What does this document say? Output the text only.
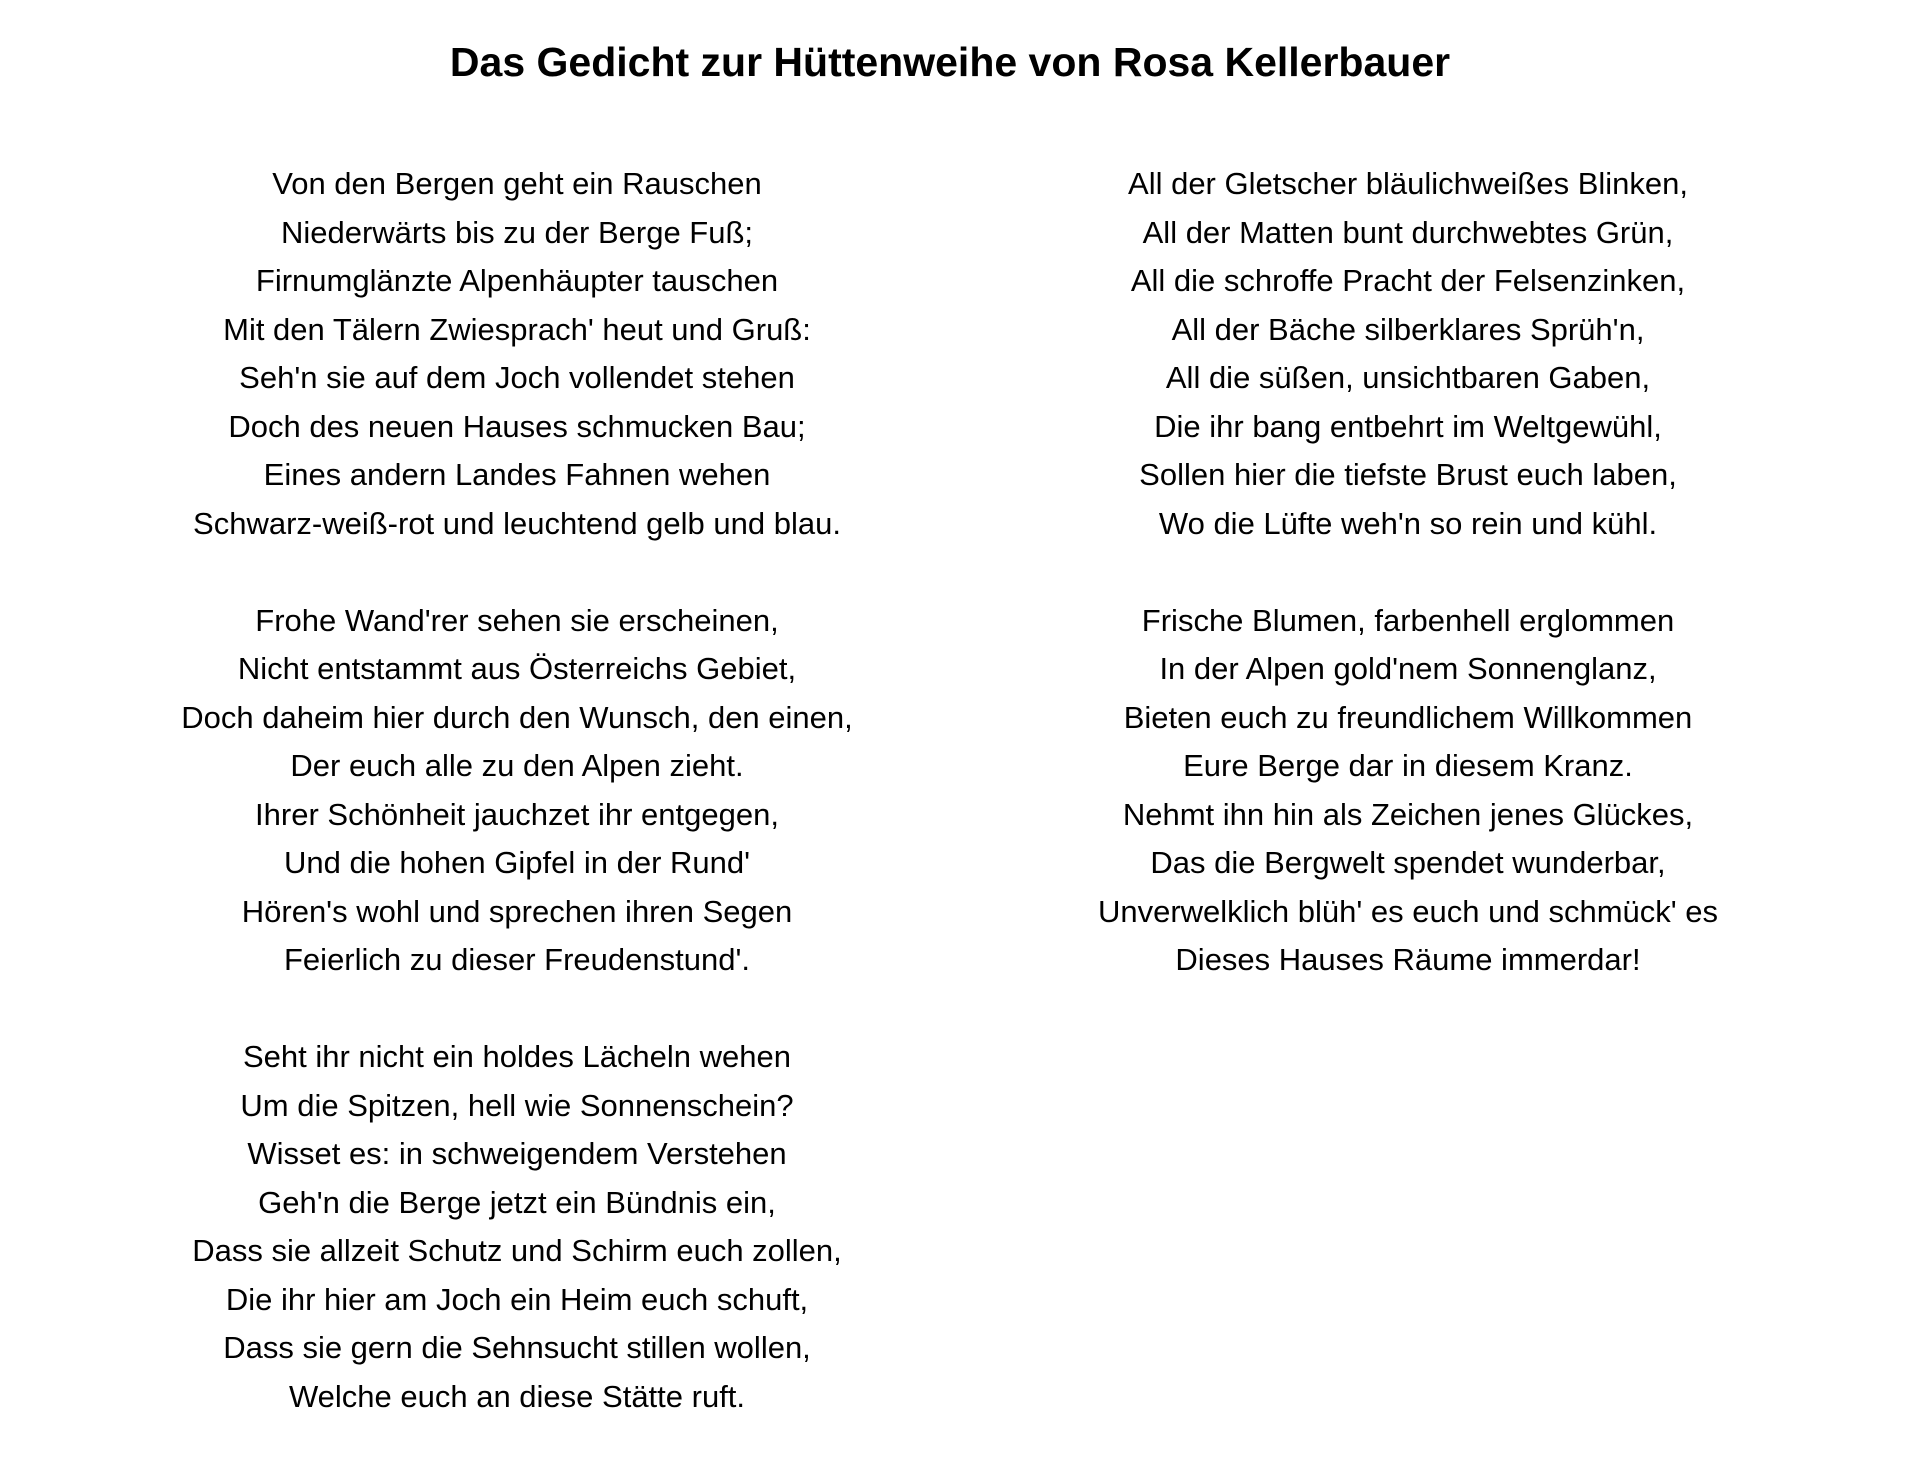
Das Gedicht zur Hüttenweihe von Rosa Kellerbauer
Von den Bergen geht ein Rauschen
Niederwärts bis zu der Berge Fuß;
Firnumglänzte Alpenhäupter tauschen
Mit den Tälern Zwiesprach' heut und Gruß:
Seh'n sie auf dem Joch vollendet stehen
Doch des neuen Hauses schmucken Bau;
Eines andern Landes Fahnen wehen
Schwarz-weiß-rot und leuchtend gelb und blau.
Frohe Wand'rer sehen sie erscheinen,
Nicht entstammt aus Österreichs Gebiet,
Doch daheim hier durch den Wunsch, den einen,
Der euch alle zu den Alpen zieht.
Ihrer Schönheit jauchzet ihr entgegen,
Und die hohen Gipfel in der Rund'
Hören's wohl und sprechen ihren Segen
Feierlich zu dieser Freudenstund'.
Seht ihr nicht ein holdes Lächeln wehen
Um die Spitzen, hell wie Sonnenschein?
Wisset es: in schweigendem Verstehen
Geh'n die Berge jetzt ein Bündnis ein,
Dass sie allzeit Schutz und Schirm euch zollen,
Die ihr hier am Joch ein Heim euch schuft,
Dass sie gern die Sehnsucht stillen wollen,
Welche euch an diese Stätte ruft.
All der Gletscher bläulichweißes Blinken,
All der Matten bunt durchwebtes Grün,
All die schroffe Pracht der Felsenzinken,
All der Bäche silberklares Sprüh'n,
All die süßen, unsichtbaren Gaben,
Die ihr bang entbehrt im Weltgewühl,
Sollen hier die tiefste Brust euch laben,
Wo die Lüfte weh'n so rein und kühl.
Frische Blumen, farbenhell erglommen
In der Alpen gold'nem Sonnenglanz,
Bieten euch zu freundlichem Willkommen
Eure Berge dar in diesem Kranz.
Nehmt ihn hin als Zeichen jenes Glückes,
Das die Bergwelt spendet wunderbar,
Unverwelklich blüh' es euch und schmück' es
Dieses Hauses Räume immerdar!
